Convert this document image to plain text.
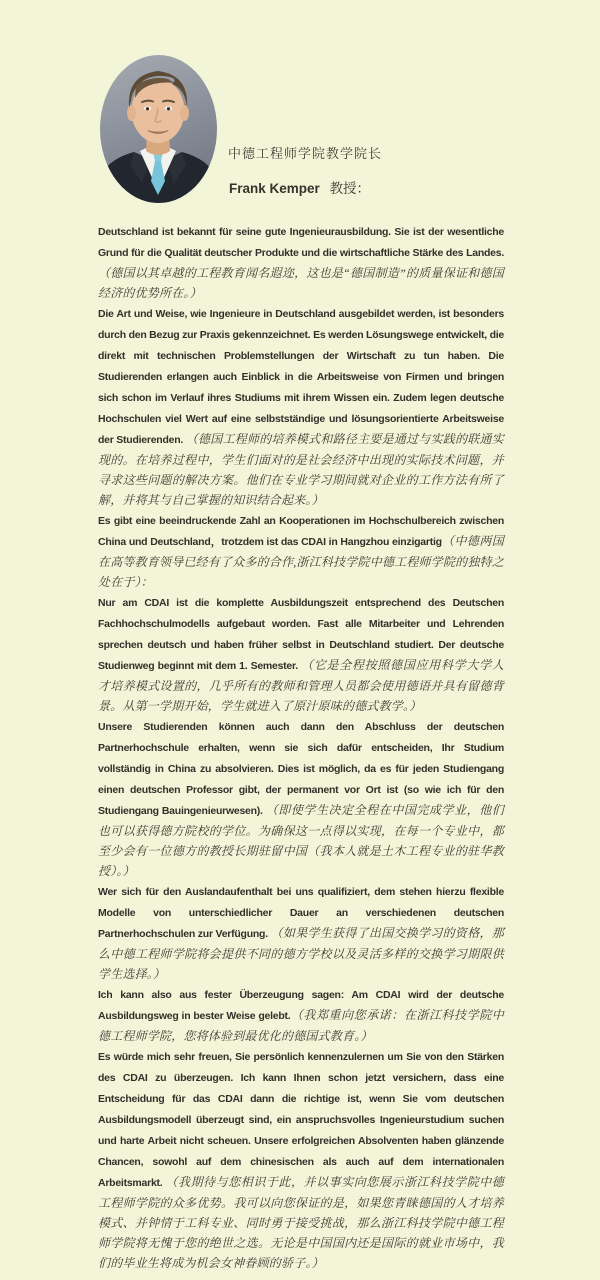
中德工程师学院教学院长
Frank Kemper 教授：

Deutschland ist bekannt für seine gute Ingenieurausbildung. Sie ist der wesentliche Grund für die Qualität deutscher Produkte und die wirtschaftliche Stärke des Landes. （德国以其卓越的工程教育闻名遐迩，这也是“德国制造”的质量保证和德国经济的优势所在。）

Die Art und Weise, wie Ingenieure in Deutschland ausgebildet werden, ist besonders durch den Bezug zur Praxis gekennzeichnet. Es werden Lösungswege entwickelt, die direkt mit technischen Problemstellungen der Wirtschaft zu tun haben. Die Studierenden erlangen auch Einblick in die Arbeitsweise von Firmen und bringen sich schon im Verlauf ihres Studiums mit ihrem Wissen ein. Zudem legen deutsche Hochschulen viel Wert auf eine selbstständige und lösungsorientierte Arbeitsweise der Studierenden. （德国工程师的培养模式和路径主要是通过与实践的联通实现的。在培养过程中，学生们面对的是社会经济中出现的实际技术问题，并寻求这些问题的解决方案。他们在专业学习期间就对企业的工作方法有所了解，并将其与自己掌握的知识结合起来。）

Es gibt eine beeindruckende Zahl an Kooperationen im Hochschulbereich zwischen China und Deutschland，trotzdem ist das CDAI in Hangzhou einzigartig（中德两国在高等教育领导已经有了众多的合作,浙江科技学院中德工程师学院的独特之处在于）：

Nur am CDAI ist die komplette Ausbildungszeit entsprechend des Deutschen Fachhochschulmodells aufgebaut worden. Fast alle Mitarbeiter und Lehrenden sprechen deutsch und haben früher selbst in Deutschland studiert. Der deutsche Studienweg beginnt mit dem 1. Semester. （它是全程按照德国应用科学大学人才培养模式设置的，几乎所有的教师和管理人员都会使用德语并具有留德背景。从第一学期开始，学生就进入了原汁原味的德式教学。）

Unsere Studierenden können auch dann den Abschluss der deutschen Partnerhochschule erhalten, wenn sie sich dafür entscheiden, Ihr Studium vollständig in China zu absolvieren. Dies ist möglich, da es für jeden Studiengang einen deutschen Professor gibt, der permanent vor Ort ist (so wie ich für den Studiengang Bauingenieurwesen). （即使学生决定全程在中国完成学业，他们也可以获得德方院校的学位。为确保这一点得以实现，在每一个专业中，都至少会有一位德方的教授长期驻留中国（我本人就是土木工程专业的驻华教授）。）

Wer sich für den Auslandaufenthalt bei uns qualifiziert, dem stehen hierzu flexible Modelle von unterschiedlicher Dauer an verschiedenen deutschen Partnerhochschulen zur Verfügung. （如果学生获得了出国交换学习的资格，那么中德工程师学院将会提供不同的德方学校以及灵活多样的交换学习期限供学生选择。）

Ich kann also aus fester Überzeugung sagen: Am CDAI wird der deutsche Ausbildungsweg in bester Weise gelebt.（我郑重向您承诺：在浙江科技学院中德工程师学院，您将体验到最优化的德国式教育。）

Es würde mich sehr freuen, Sie persönlich kennenzulernen um Sie von den Stärken des CDAI zu überzeugen. Ich kann Ihnen schon jetzt versichern, dass eine Entscheidung für das CDAI dann die richtige ist, wenn Sie vom deutschen Ausbildungsmodell überzeugt sind, ein anspruchsvolles Ingenieurstudium suchen und harte Arbeit nicht scheuen. Unsere erfolgreichen Absolventen haben glänzende Chancen, sowohl auf dem chinesischen als auch auf dem internationalen Arbeitsmarkt. （我期待与您相识于此，并以事实向您展示浙江科技学院中德工程师学院的众多优势。我可以向您保证的是，如果您青睐德国的人才培养模式、并钟情于工科专业、同时勇于接受挑战，那么浙江科技学院中德工程师学院将无愧于您的绝世之选。无论是中国国内还是国际的就业市场中，我们的毕业生将成为机会女神眷顾的骄子。）
